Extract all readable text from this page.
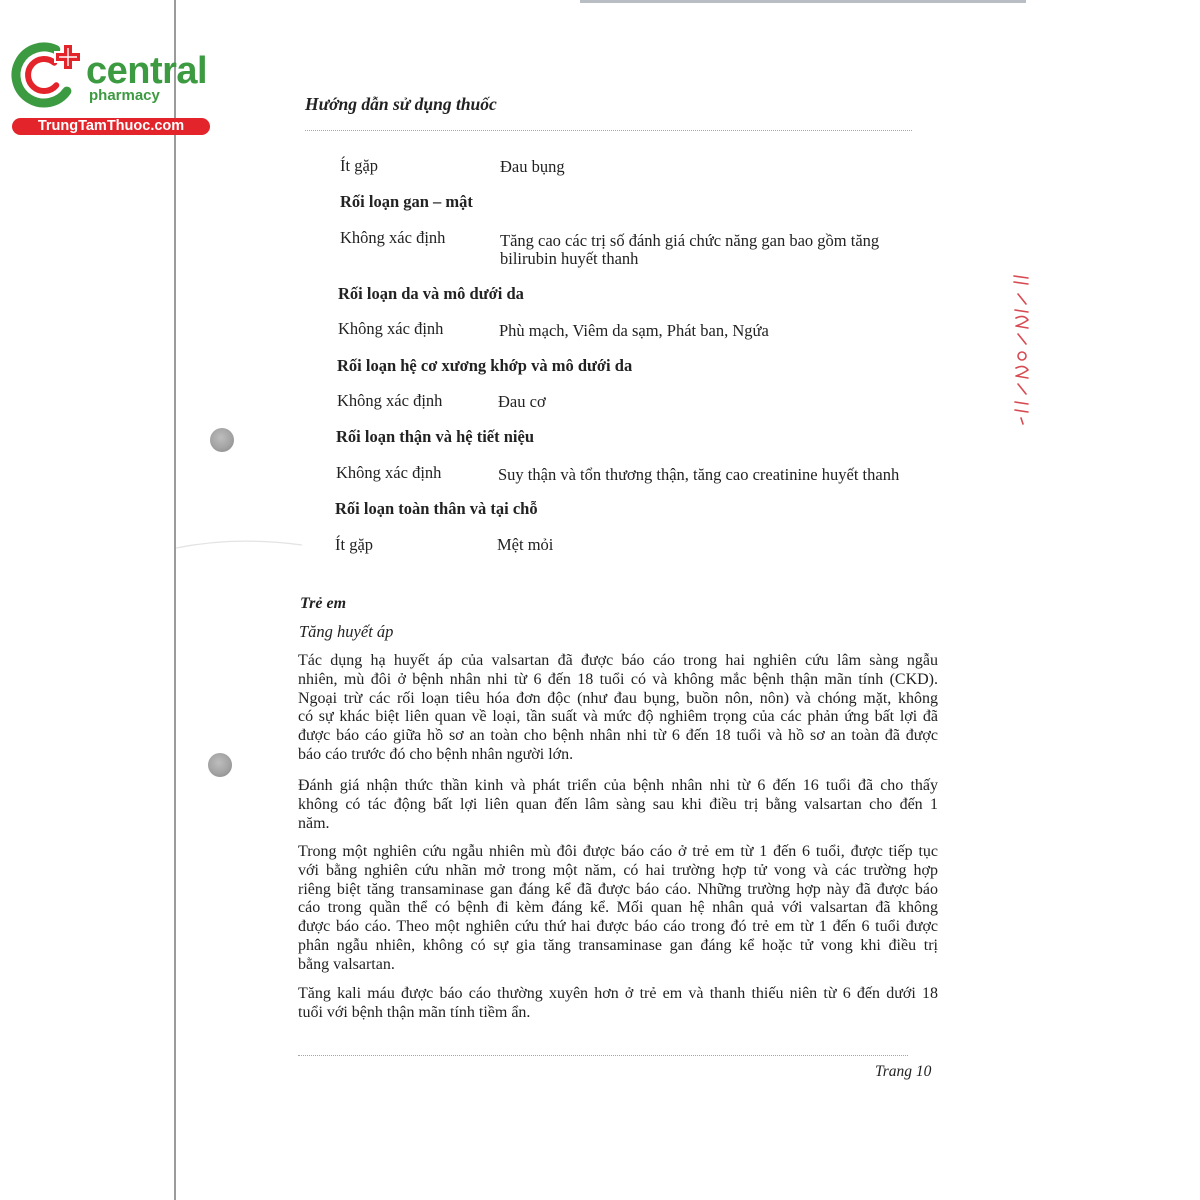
central
pharmacy
TrungTamThuoc.com
Hướng dẫn sử dụng thuốc
Ít gặp	Đau bụng
Rối loạn gan – mật
Không xác định	Tăng cao các trị số đánh giá chức năng gan bao gồm tăng bilirubin huyết thanh
Rối loạn da và mô dưới da
Không xác định	Phù mạch, Viêm da sạm, Phát ban, Ngứa
Rối loạn hệ cơ xương khớp và mô dưới da
Không xác định	Đau cơ
Rối loạn thận và hệ tiết niệu
Không xác định	Suy thận và tổn thương thận, tăng cao creatinine huyết thanh
Rối loạn toàn thân và tại chỗ
Ít gặp	Mệt mỏi
Trẻ em
Tăng huyết áp
Tác dụng hạ huyết áp của valsartan đã được báo cáo trong hai nghiên cứu lâm sàng ngẫu
nhiên, mù đôi ở bệnh nhân nhi từ 6 đến 18 tuổi có và không mắc bệnh thận mãn tính (CKD).
Ngoại trừ các rối loạn tiêu hóa đơn độc (như đau bụng, buồn nôn, nôn) và chóng mặt, không
có sự khác biệt liên quan về loại, tần suất và mức độ nghiêm trọng của các phản ứng bất lợi đã
được báo cáo giữa hồ sơ an toàn cho bệnh nhân nhi từ 6 đến 18 tuổi và hồ sơ an toàn đã được
báo cáo trước đó cho bệnh nhân người lớn.
Đánh giá nhận thức thần kinh và phát triển của bệnh nhân nhi từ 6 đến 16 tuổi đã cho thấy
không có tác động bất lợi liên quan đến lâm sàng sau khi điều trị bằng valsartan cho đến 1
năm.
Trong một nghiên cứu ngẫu nhiên mù đôi được báo cáo ở trẻ em từ 1 đến 6 tuổi, được tiếp tục
với bằng nghiên cứu nhãn mở trong một năm, có hai trường hợp tử vong và các trường hợp
riêng biệt tăng transaminase gan đáng kể đã được báo cáo. Những trường hợp này đã được báo
cáo trong quần thể có bệnh đi kèm đáng kể. Mối quan hệ nhân quả với valsartan đã không
được báo cáo. Theo một nghiên cứu thứ hai được báo cáo trong đó trẻ em từ 1 đến 6 tuổi được
phân ngẫu nhiên, không có sự gia tăng transaminase gan đáng kể hoặc tử vong khi điều trị
bằng valsartan.
Tăng kali máu được báo cáo thường xuyên hơn ở trẻ em và thanh thiếu niên từ 6 đến dưới 18
tuổi với bệnh thận mãn tính tiềm ẩn.
Trang 10
